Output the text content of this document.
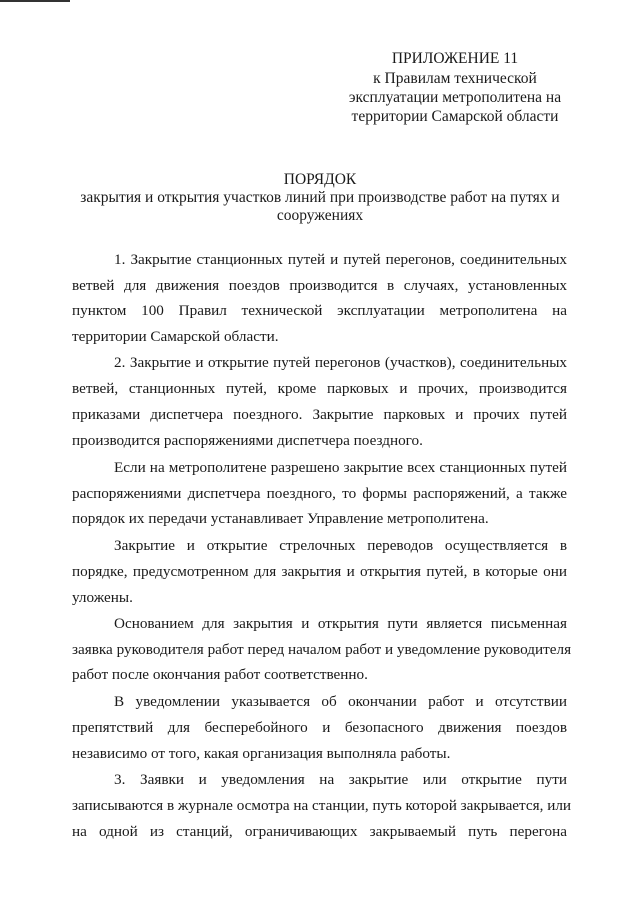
ПРИЛОЖЕНИЕ 11
к Правилам технической
эксплуатации метрополитена на
территории Самарской области
ПОРЯДОК
закрытия и открытия участков линий при производстве работ на путях и
сооружениях
1. Закрытие станционных путей и путей перегонов, соединительных
ветвей для движения поездов производится в случаях, установленных
пунктом 100 Правил технической эксплуатации метрополитена на
территории Самарской области.
2. Закрытие и открытие путей перегонов (участков), соединительных
ветвей, станционных путей, кроме парковых и прочих, производится
приказами диспетчера поездного. Закрытие парковых и прочих путей
производится распоряжениями диспетчера поездного.
Если на метрополитене разрешено закрытие всех станционных путей
распоряжениями диспетчера поездного, то формы распоряжений, а также
порядок их передачи устанавливает Управление метрополитена.
Закрытие и открытие стрелочных переводов осуществляется в
порядке, предусмотренном для закрытия и открытия путей, в которые они
уложены.
Основанием для закрытия и открытия пути является письменная
заявка руководителя работ перед началом работ и уведомление руководителя
работ после окончания работ соответственно.
В уведомлении указывается об окончании работ и отсутствии
препятствий для бесперебойного и безопасного движения поездов
независимо от того, какая организация выполняла работы.
3. Заявки и уведомления на закрытие или открытие пути
записываются в журнале осмотра на станции, путь которой закрывается, или
на одной из станций, ограничивающих закрываемый путь перегона
